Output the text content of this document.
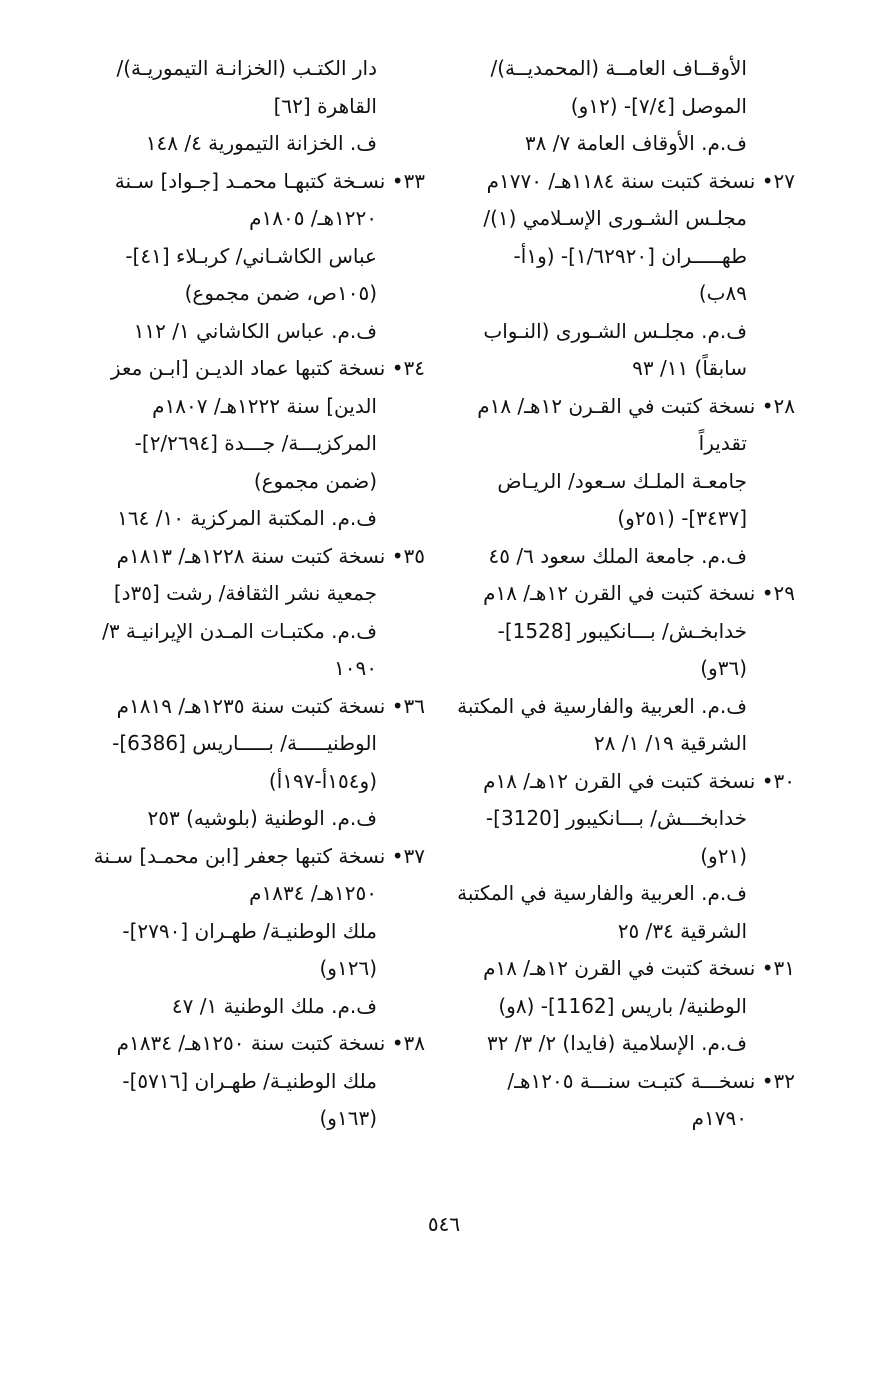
الأوقــاف العامــة (المحمديــة)/
الموصل [٧/٤]- (١٢و)
ف.م. الأوقاف العامة ٧/ ٣٨
٢٧• نسخة كتبت سنة ١١٨٤هـ/ ١٧٧٠م
مجلـس الشـورى الإسـلامي (١)/
طهـــــران [١/٦٢٩٢٠]- (و١أ-
٨٩ب)
ف.م. مجلـس الشـورى (النـواب
سابقاً) ١١/ ٩٣
٢٨• نسخة كتبت في القـرن ١٢هـ/ ١٨م
تقديراً
جامعـة الملـك سـعود/ الريـاض
[٣٤٣٧]- (٢٥١و)
ف.م. جامعة الملك سعود ٦/ ٤٥
٢٩• نسخة كتبت في القرن ١٢هـ/ ١٨م
خدابخـش/ بـــانكيبور [1528]-
(٣٦و)
ف.م. العربية والفارسية في المكتبة
الشرقية ١٩/ ١/ ٢٨
٣٠• نسخة كتبت في القرن ١٢هـ/ ١٨م
خدابخـــش/ بـــانكيبور [3120]-
(٢١و)
ف.م. العربية والفارسية في المكتبة
الشرقية ٣٤/ ٢٥
٣١• نسخة كتبت في القرن ١٢هـ/ ١٨م
الوطنية/ باريس [1162]- (٨و)
ف.م. الإسلامية (فايدا) ٢/ ٣/ ٣٢
٣٢• نسخـــة كتبـت سنـــة ١٢٠٥هـ/
١٧٩٠م
دار الكتـب (الخزانـة التيموريـة)/
القاهرة [٦٢]
ف. الخزانة التيمورية ٤/ ١٤٨
٣٣• نسـخة كتبهـا محمـد [جـواد] سـنة
١٢٢٠هـ/ ١٨٠٥م
عباس الكاشـاني/ كربـلاء [٤١]-
(١٠٥ص، ضمن مجموع)
ف.م. عباس الكاشاني ١/ ١١٢
٣٤• نسخة كتبها عماد الديـن [ابـن معز
الدين] سنة ١٢٢٢هـ/ ١٨٠٧م
المركزيـــة/ جـــدة [٢/٢٦٩٤]-
(ضمن مجموع)
ف.م. المكتبة المركزية ١٠/ ١٦٤
٣٥• نسخة كتبت سنة ١٢٢٨هـ/ ١٨١٣م
جمعية نشر الثقافة/ رشت [٣٥د]
ف.م. مكتبـات المـدن الإيرانيـة ٣/
١٠٩٠
٣٦• نسخة كتبت سنة ١٢٣٥هـ/ ١٨١٩م
الوطنيـــــة/ بـــــاريس [6386]-
(و١٥٤أ-١٩٧أ)
ف.م. الوطنية (بلوشيه) ٢٥٣
٣٧• نسخة كتبها جعفر [ابن محمـد] سـنة
١٢٥٠هـ/ ١٨٣٤م
ملك الوطنيـة/ طهـران [٢٧٩٠]-
(١٢٦و)
ف.م. ملك الوطنية ١/ ٤٧
٣٨• نسخة كتبت سنة ١٢٥٠هـ/ ١٨٣٤م
ملك الوطنيـة/ طهـران [٥٧١٦]-
(١٦٣و)
٥٤٦
